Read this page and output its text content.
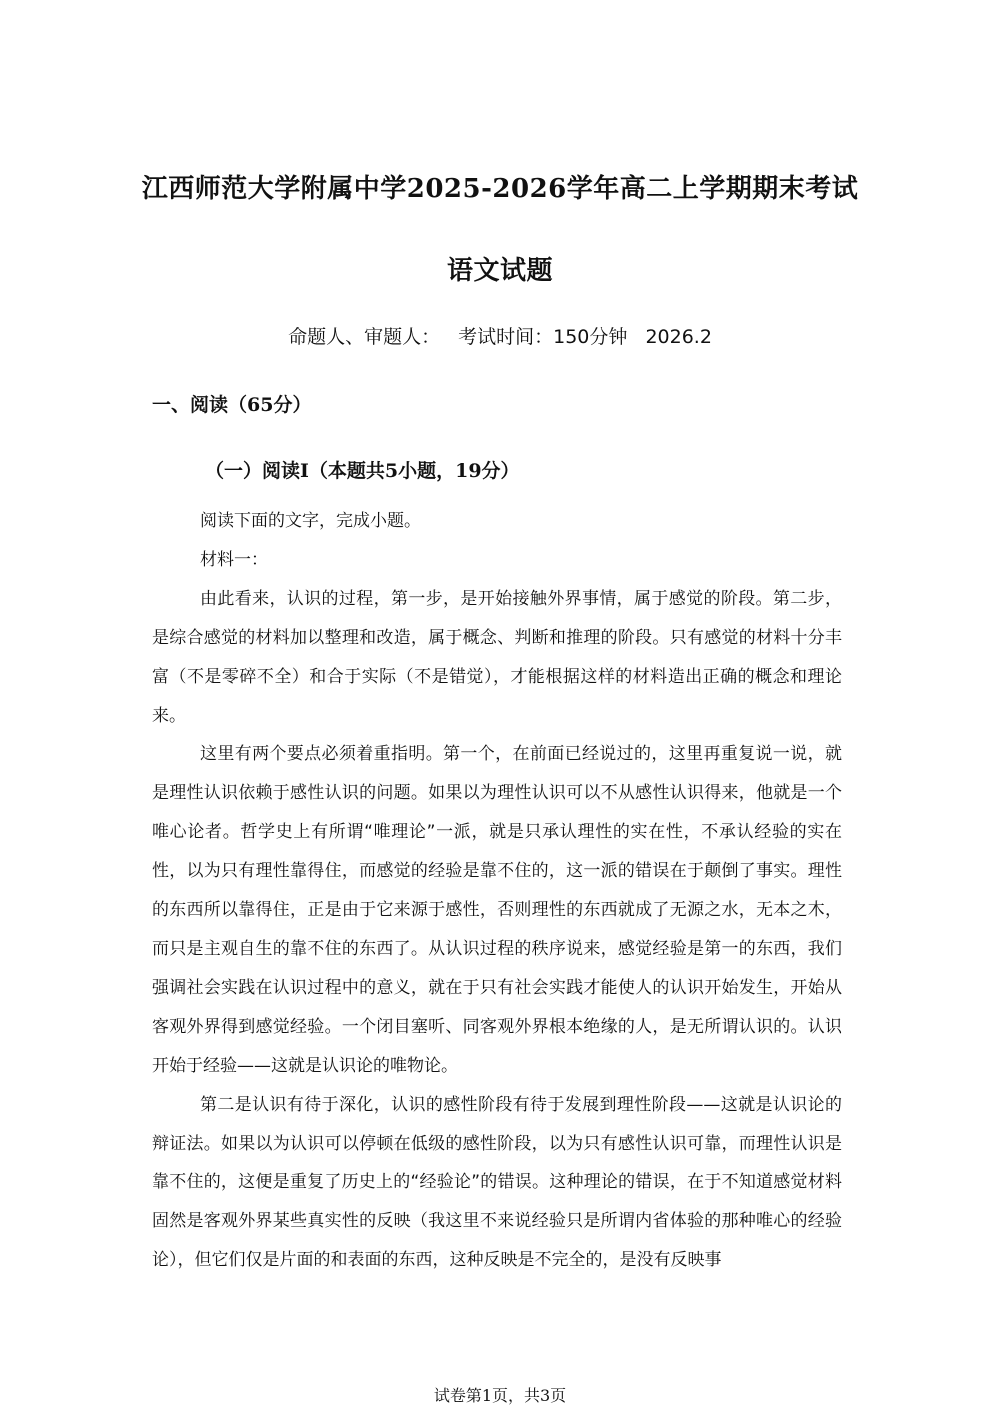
江西师范大学附属中学2025-2026学年高二上学期期末考试
语文试题
命题人、审题人： 考试时间：150分钟 2026.2
一、阅读（65分）
（一）阅读Ⅰ（本题共5小题，19分）

阅读下面的文字，完成小题。

材料一：

由此看来，认识的过程，第一步，是开始接触外界事情，属于感觉的阶段。第二步，是综合感觉的材料加以整理和改造，属于概念、判断和推理的阶段。只有感觉的材料十分丰富（不是零碎不全）和合于实际（不是错觉），才能根据这样的材料造出正确的概念和理论来。

这里有两个要点必须着重指明。第一个，在前面已经说过的，这里再重复说一说，就是理性认识依赖于感性认识的问题。如果以为理性认识可以不从感性认识得来，他就是一个唯心论者。哲学史上有所谓“唯理论”一派，就是只承认理性的实在性，不承认经验的实在性，以为只有理性靠得住，而感觉的经验是靠不住的，这一派的错误在于颠倒了事实。理性的东西所以靠得住，正是由于它来源于感性，否则理性的东西就成了无源之水，无本之木，而只是主观自生的靠不住的东西了。从认识过程的秩序说来，感觉经验是第一的东西，我们强调社会实践在认识过程中的意义，就在于只有社会实践才能使人的认识开始发生，开始从客观外界得到感觉经验。一个闭目塞听、同客观外界根本绝缘的人，是无所谓认识的。认识开始于经验——这就是认识论的唯物论。

第二是认识有待于深化，认识的感性阶段有待于发展到理性阶段——这就是认识论的辩证法。如果以为认识可以停顿在低级的感性阶段，以为只有感性认识可靠，而理性认识是靠不住的，这便是重复了历史上的“经验论”的错误。这种理论的错误，在于不知道感觉材料固然是客观外界某些真实性的反映（我这里不来说经验只是所谓内省体验的那种唯心的经验论），但它们仅是片面的和表面的东西，这种反映是不完全的，是没有反映事

试卷第1页，共3页
